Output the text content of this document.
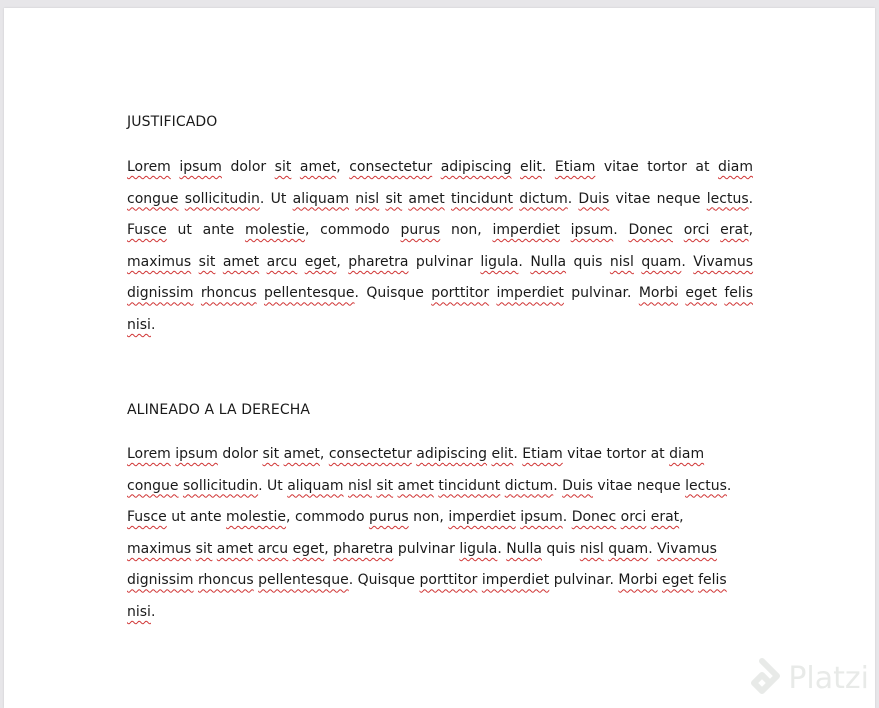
JUSTIFICADO
Lorem ipsum dolor sit amet, consectetur adipiscing elit. Etiam vitae tortor at diam
congue sollicitudin. Ut aliquam nisl sit amet tincidunt dictum. Duis vitae neque lectus.
Fusce ut ante molestie, commodo purus non, imperdiet ipsum. Donec orci erat,
maximus sit amet arcu eget, pharetra pulvinar ligula. Nulla quis nisl quam. Vivamus
dignissim rhoncus pellentesque. Quisque porttitor imperdiet pulvinar. Morbi eget felis
nisi.
ALINEADO A LA DERECHA
Lorem ipsum dolor sit amet, consectetur adipiscing elit. Etiam vitae tortor at diam
congue sollicitudin. Ut aliquam nisl sit amet tincidunt dictum. Duis vitae neque lectus.
Fusce ut ante molestie, commodo purus non, imperdiet ipsum. Donec orci erat,
maximus sit amet arcu eget, pharetra pulvinar ligula. Nulla quis nisl quam. Vivamus
dignissim rhoncus pellentesque. Quisque porttitor imperdiet pulvinar. Morbi eget felis
nisi.
Platzi
